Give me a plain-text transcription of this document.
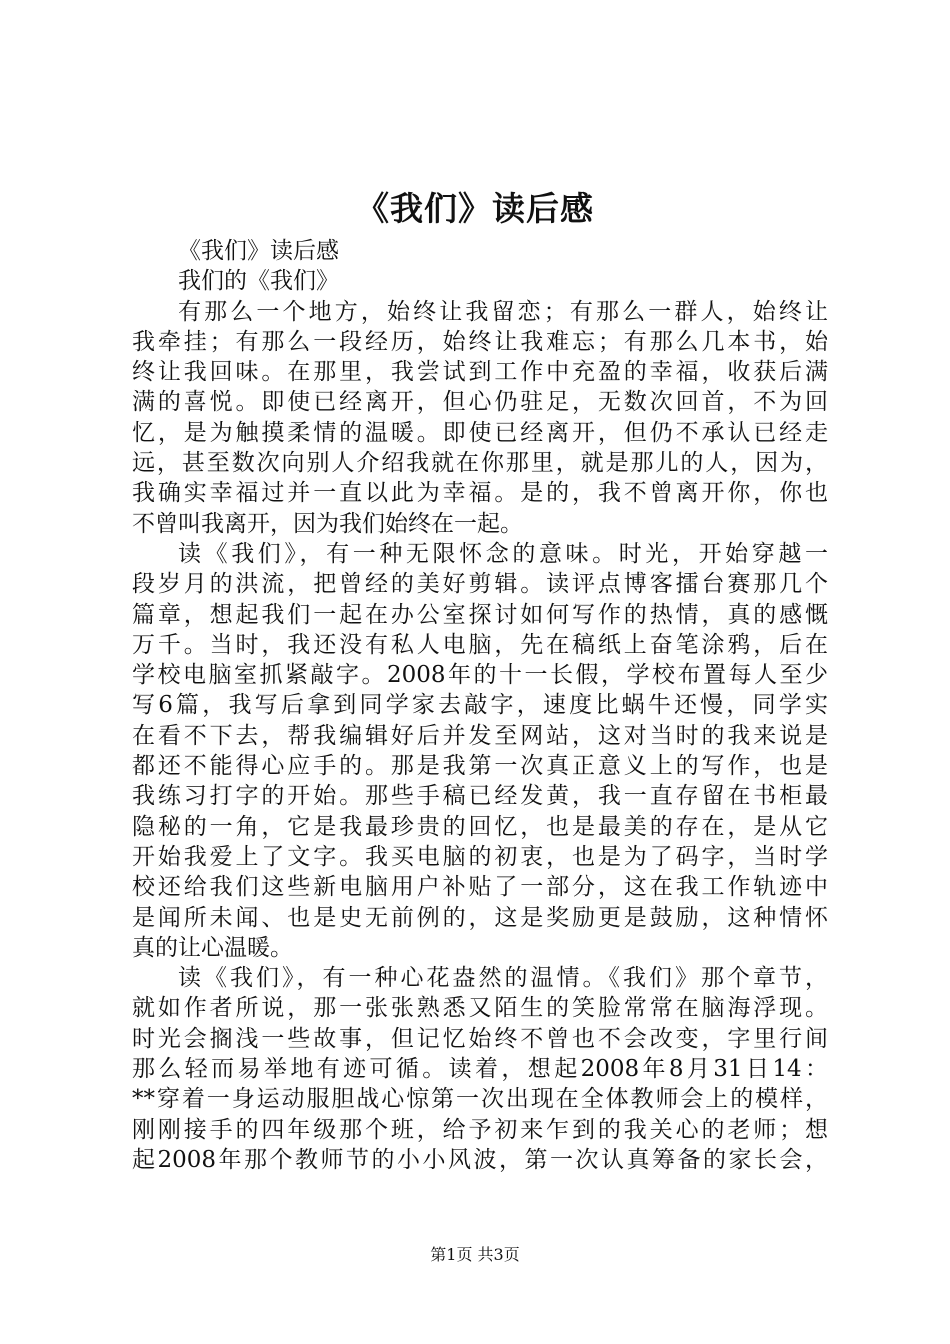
《我们》读后感
《我们》读后感
我们的《我们》
有那么一个地方，始终让我留恋；有那么一群人，始终让
我牵挂；有那么一段经历，始终让我难忘；有那么几本书，始
终让我回味。在那里，我尝试到工作中充盈的幸福，收获后满
满的喜悦。即使已经离开，但心仍驻足，无数次回首，不为回
忆，是为触摸柔情的温暖。即使已经离开，但仍不承认已经走
远，甚至数次向别人介绍我就在你那里，就是那儿的人，因为，
我确实幸福过并一直以此为幸福。是的，我不曾离开你，你也
不曾叫我离开，因为我们始终在一起。
读《我们》，有一种无限怀念的意味。时光，开始穿越一
段岁月的洪流，把曾经的美好剪辑。读评点博客擂台赛那几个
篇章，想起我们一起在办公室探讨如何写作的热情，真的感慨
万千。当时，我还没有私人电脑，先在稿纸上奋笔涂鸦，后在
学校电脑室抓紧敲字。2008年的十一长假，学校布置每人至少
写6篇，我写后拿到同学家去敲字，速度比蜗牛还慢，同学实
在看不下去，帮我编辑好后并发至网站，这对当时的我来说是
都还不能得心应手的。那是我第一次真正意义上的写作，也是
我练习打字的开始。那些手稿已经发黄，我一直存留在书柜最
隐秘的一角，它是我最珍贵的回忆，也是最美的存在，是从它
开始我爱上了文字。我买电脑的初衷，也是为了码字，当时学
校还给我们这些新电脑用户补贴了一部分，这在我工作轨迹中
是闻所未闻、也是史无前例的，这是奖励更是鼓励，这种情怀
真的让心温暖。
读《我们》，有一种心花盎然的温情。《我们》那个章节，
就如作者所说，那一张张熟悉又陌生的笑脸常常在脑海浮现。
时光会搁浅一些故事，但记忆始终不曾也不会改变，字里行间
那么轻而易举地有迹可循。读着，想起2008年8月31日14：
**穿着一身运动服胆战心惊第一次出现在全体教师会上的模样，
刚刚接手的四年级那个班，给予初来乍到的我关心的老师；想
起2008年那个教师节的小小风波，第一次认真筹备的家长会，
第1页 共3页
